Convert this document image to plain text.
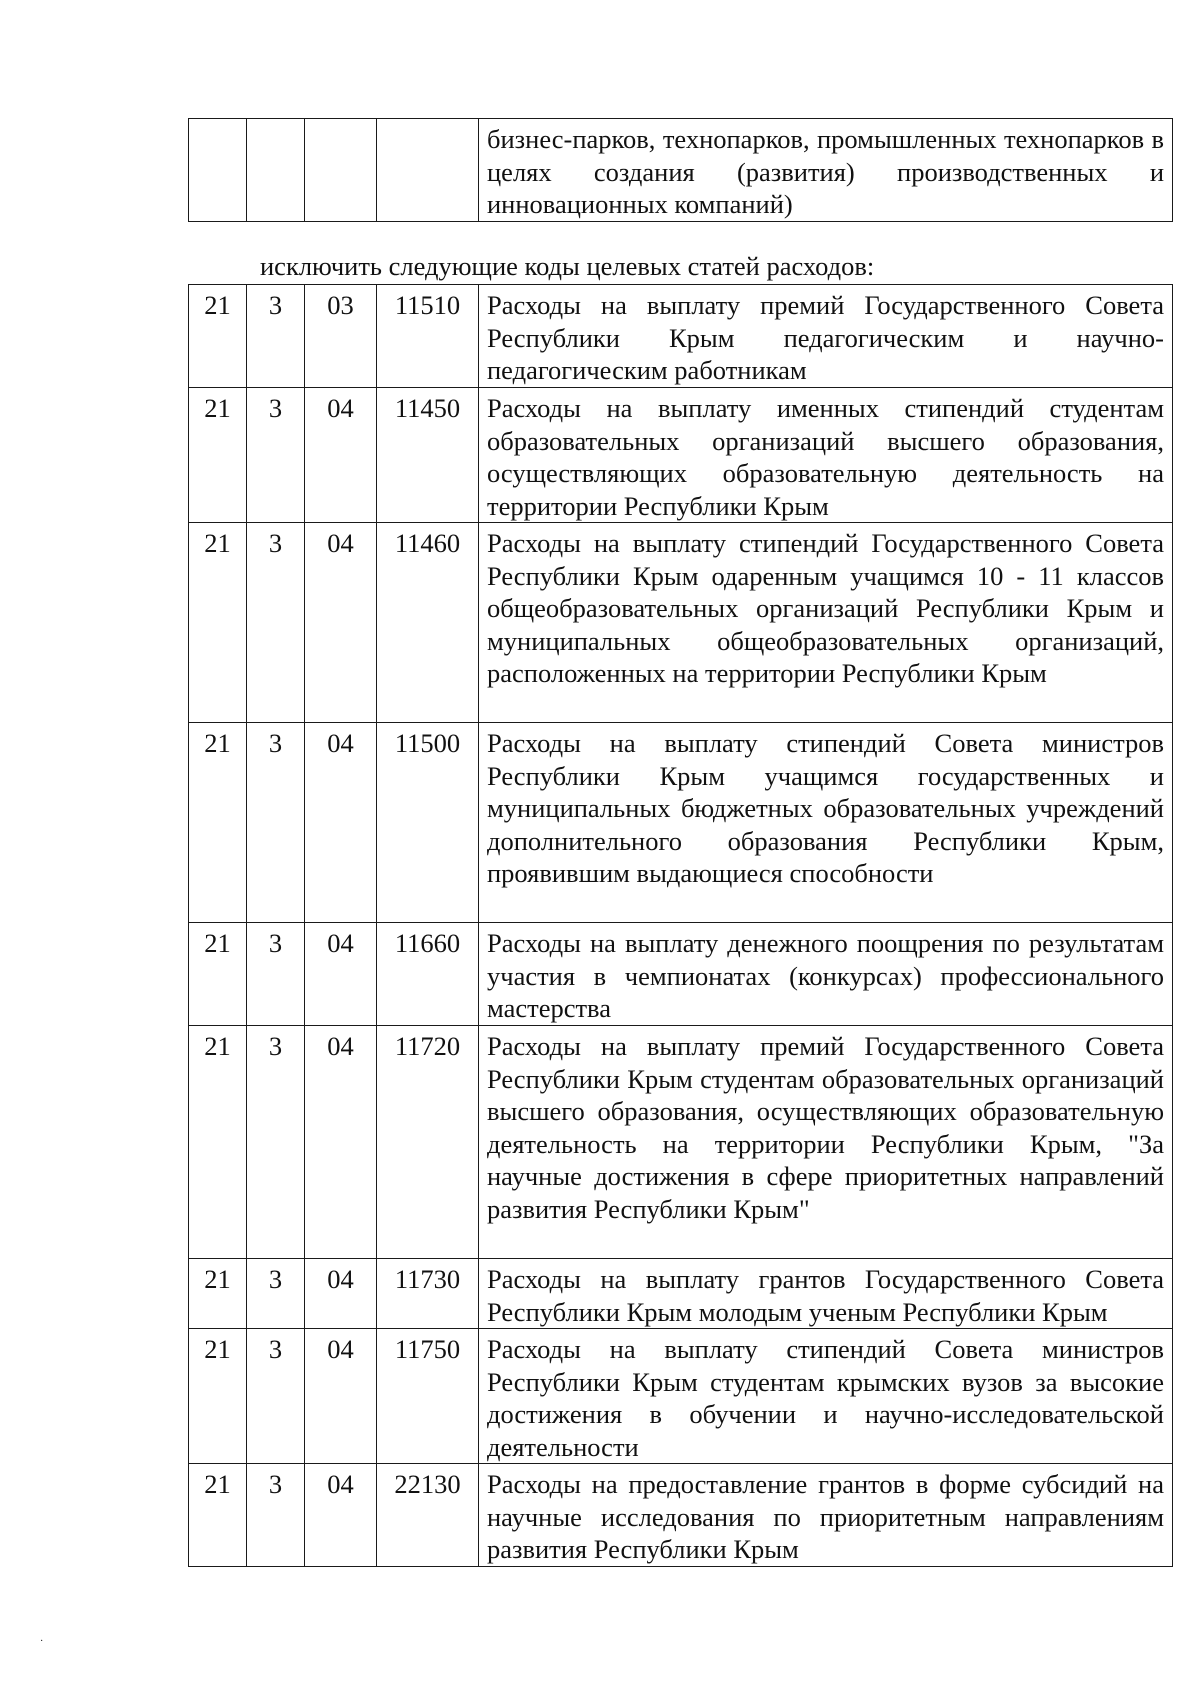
				бизнес-парков, технопарков, промышленных технопарков в целях создания (развития) производственных и инновационных компаний)
исключить следующие коды целевых статей расходов:
21	3	03	11510	Расходы на выплату премий Государственного Совета Республики Крым педагогическим и научно-педагогическим работникам
21	3	04	11450	Расходы на выплату именных стипендий студентам образовательных организаций высшего образования, осуществляющих образовательную деятельность на территории Республики Крым
21	3	04	11460	Расходы на выплату стипендий Государственного Совета Республики Крым одаренным учащимся 10 - 11 классов общеобразовательных организаций Республики Крым и муниципальных общеобразовательных организаций, расположенных на территории Республики Крым
21	3	04	11500	Расходы на выплату стипендий Совета министров Республики Крым учащимся государственных и муниципальных бюджетных образовательных учреждений дополнительного образования Республики Крым, проявившим выдающиеся способности
21	3	04	11660	Расходы на выплату денежного поощрения по результатам участия в чемпионатах (конкурсах) профессионального мастерства
21	3	04	11720	Расходы на выплату премий Государственного Совета Республики Крым студентам образовательных организаций высшего образования, осуществляющих образовательную деятельность на территории Республики Крым, "За научные достижения в сфере приоритетных направлений развития Республики Крым"
21	3	04	11730	Расходы на выплату грантов Государственного Совета Республики Крым молодым ученым Республики Крым
21	3	04	11750	Расходы на выплату стипендий Совета министров Республики Крым студентам крымских вузов за высокие достижения в обучении и научно-исследовательской деятельности
21	3	04	22130	Расходы на предоставление грантов в форме субсидий на научные исследования по приоритетным направлениям развития Республики Крым
·
